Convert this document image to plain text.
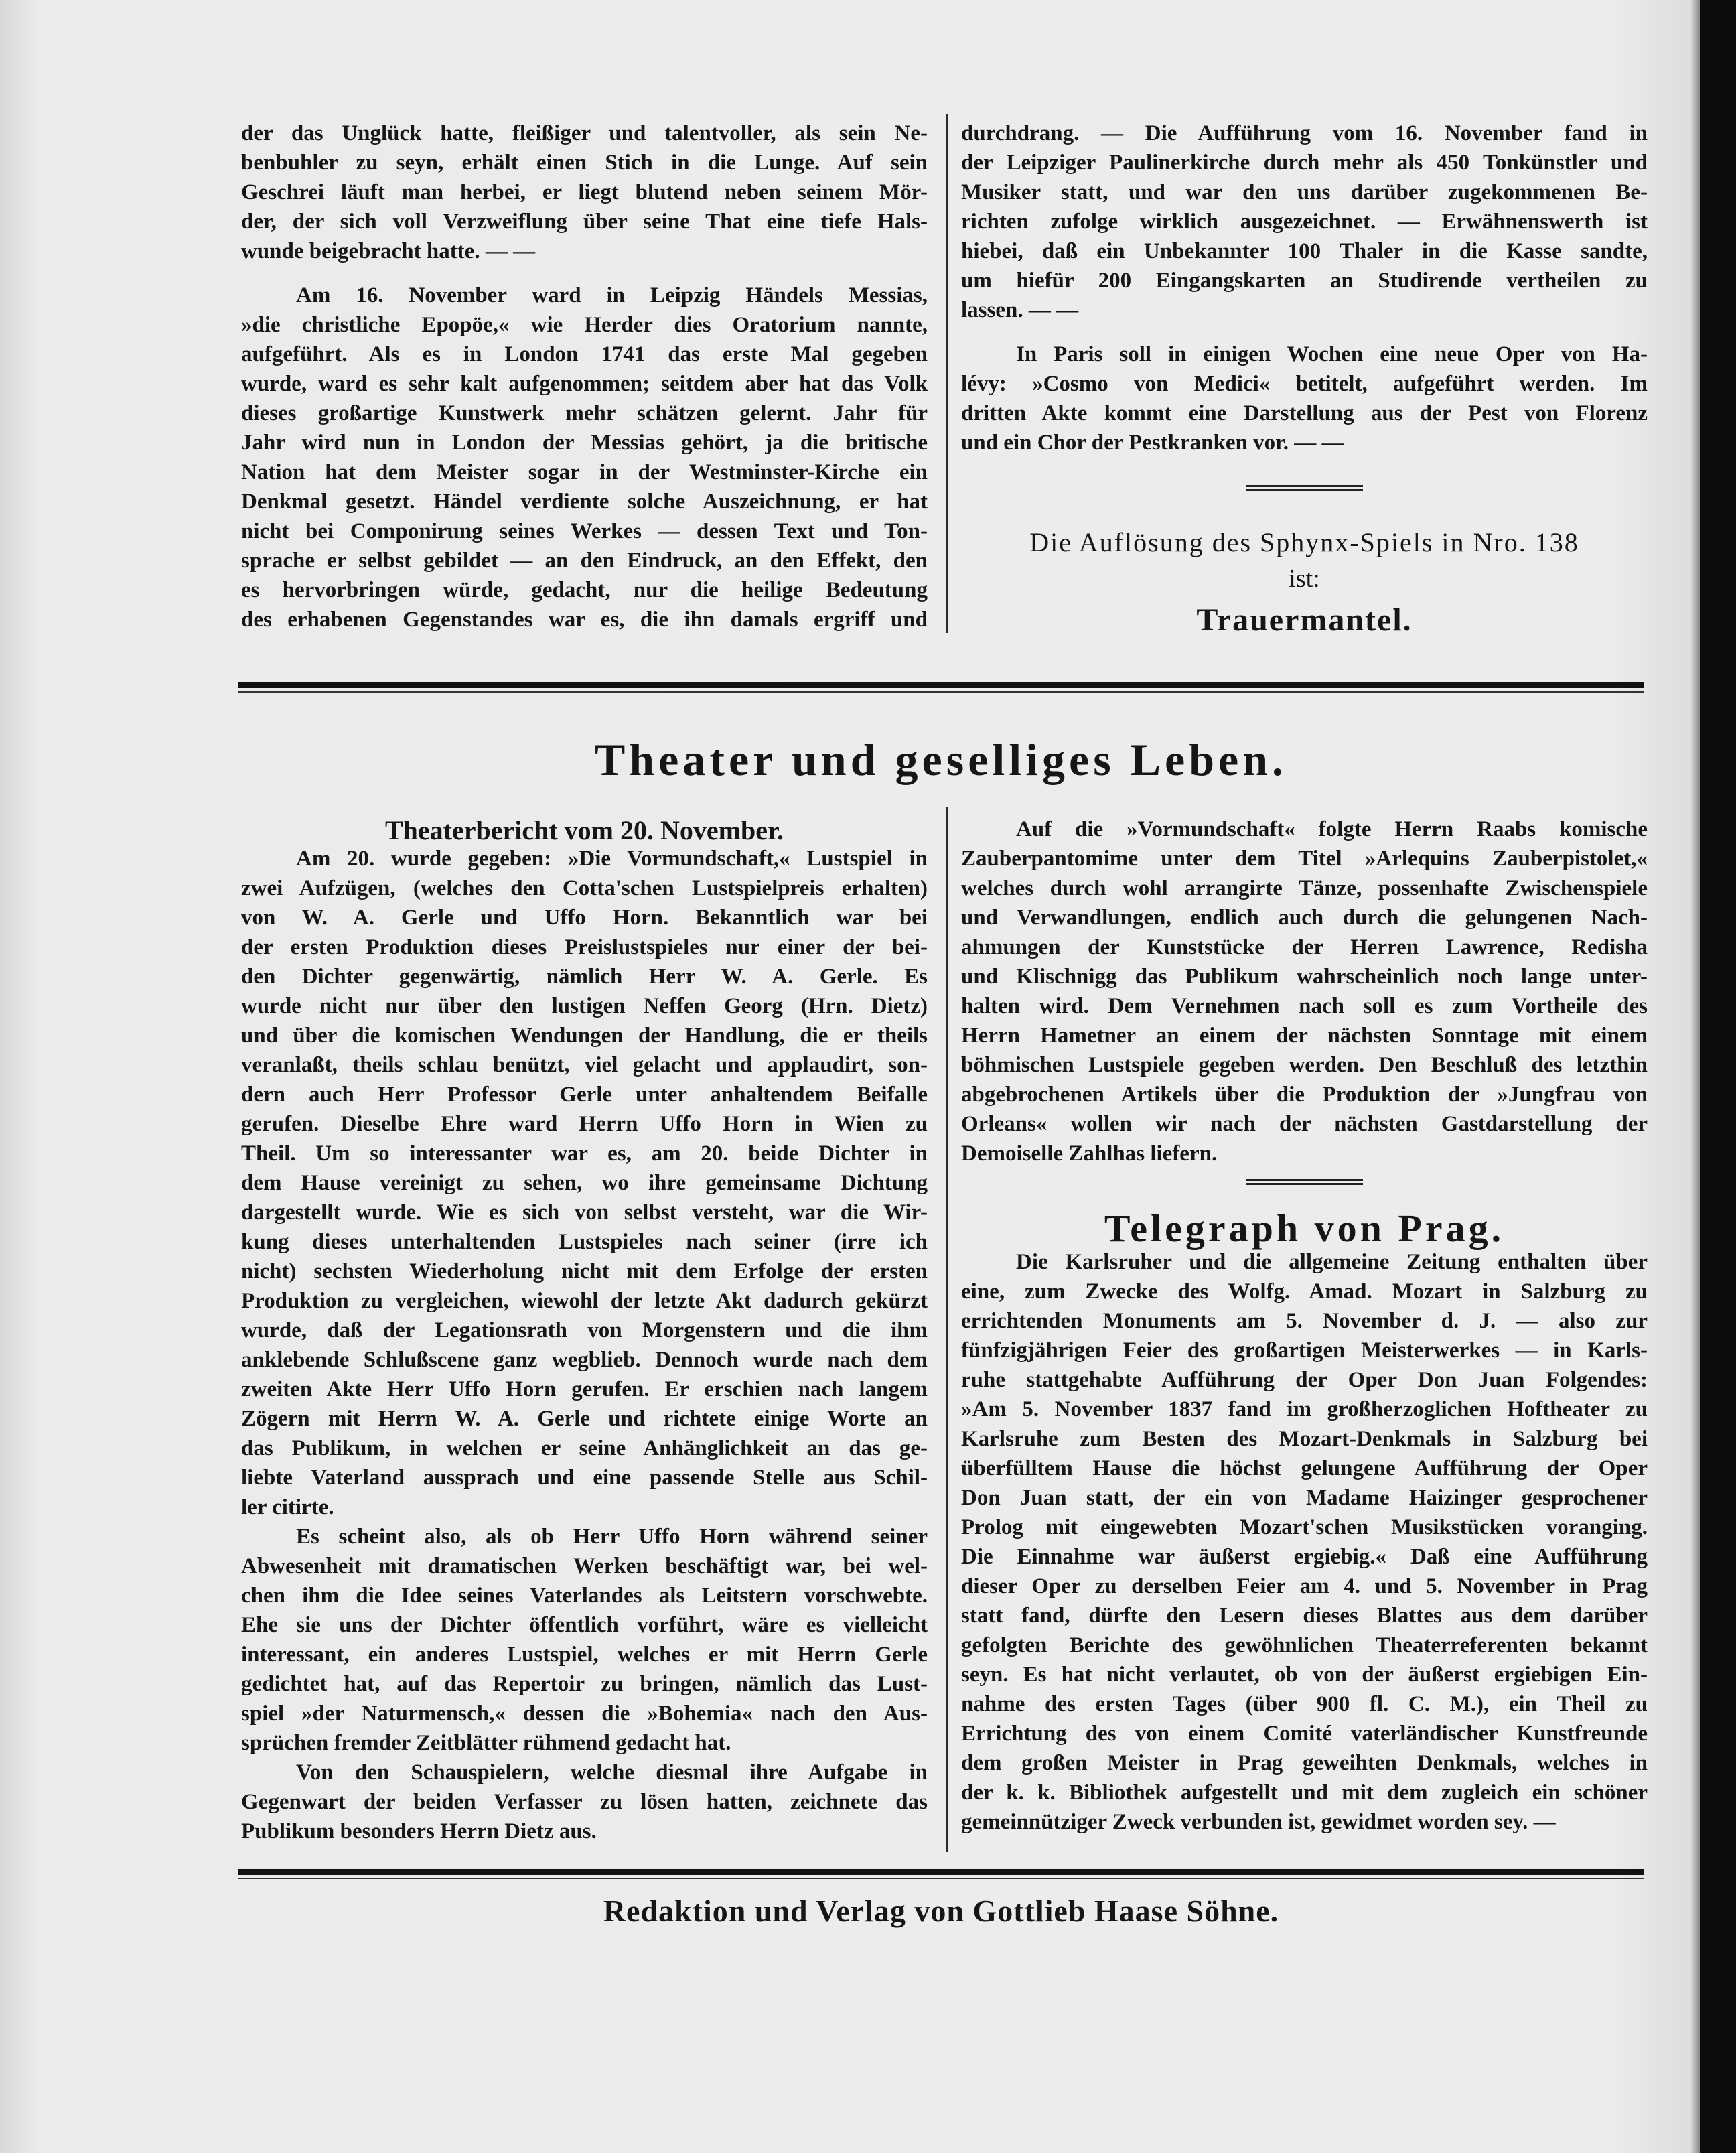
der das Unglück hatte, fleißiger und talentvoller, als sein Ne-
benbuhler zu seyn, erhält einen Stich in die Lunge. Auf sein
Geschrei läuft man herbei, er liegt blutend neben seinem Mör-
der, der sich voll Verzweiflung über seine That eine tiefe Hals-
wunde beigebracht hatte. — —
Am 16. November ward in Leipzig Händels Messias,
»die christliche Epopöe,« wie Herder dies Oratorium nannte,
aufgeführt. Als es in London 1741 das erste Mal gegeben
wurde, ward es sehr kalt aufgenommen; seitdem aber hat das Volk
dieses großartige Kunstwerk mehr schätzen gelernt. Jahr für
Jahr wird nun in London der Messias gehört, ja die britische
Nation hat dem Meister sogar in der Westminster-Kirche ein
Denkmal gesetzt. Händel verdiente solche Auszeichnung, er hat
nicht bei Componirung seines Werkes — dessen Text und Ton-
sprache er selbst gebildet — an den Eindruck, an den Effekt, den
es hervorbringen würde, gedacht, nur die heilige Bedeutung
des erhabenen Gegenstandes war es, die ihn damals ergriff und
durchdrang. — Die Aufführung vom 16. November fand in
der Leipziger Paulinerkirche durch mehr als 450 Tonkünstler und
Musiker statt, und war den uns darüber zugekommenen Be-
richten zufolge wirklich ausgezeichnet. — Erwähnenswerth ist
hiebei, daß ein Unbekannter 100 Thaler in die Kasse sandte,
um hiefür 200 Eingangskarten an Studirende vertheilen zu
lassen. — —
In Paris soll in einigen Wochen eine neue Oper von Ha-
lévy: »Cosmo von Medici« betitelt, aufgeführt werden. Im
dritten Akte kommt eine Darstellung aus der Pest von Florenz
und ein Chor der Pestkranken vor. — —
Die Auflösung des Sphynx-Spiels in Nro. 138
ist:
Trauermantel.
Theater und geselliges Leben.
Theaterbericht vom 20. November.
Am 20. wurde gegeben: »Die Vormundschaft,« Lustspiel in
zwei Aufzügen, (welches den Cotta'schen Lustspielpreis erhalten)
von W. A. Gerle und Uffo Horn. Bekanntlich war bei
der ersten Produktion dieses Preislustspieles nur einer der bei-
den Dichter gegenwärtig, nämlich Herr W. A. Gerle. Es
wurde nicht nur über den lustigen Neffen Georg (Hrn. Dietz)
und über die komischen Wendungen der Handlung, die er theils
veranlaßt, theils schlau benützt, viel gelacht und applaudirt, son-
dern auch Herr Professor Gerle unter anhaltendem Beifalle
gerufen. Dieselbe Ehre ward Herrn Uffo Horn in Wien zu
Theil. Um so interessanter war es, am 20. beide Dichter in
dem Hause vereinigt zu sehen, wo ihre gemeinsame Dichtung
dargestellt wurde. Wie es sich von selbst versteht, war die Wir-
kung dieses unterhaltenden Lustspieles nach seiner (irre ich
nicht) sechsten Wiederholung nicht mit dem Erfolge der ersten
Produktion zu vergleichen, wiewohl der letzte Akt dadurch gekürzt
wurde, daß der Legationsrath von Morgenstern und die ihm
anklebende Schlußscene ganz wegblieb. Dennoch wurde nach dem
zweiten Akte Herr Uffo Horn gerufen. Er erschien nach langem
Zögern mit Herrn W. A. Gerle und richtete einige Worte an
das Publikum, in welchen er seine Anhänglichkeit an das ge-
liebte Vaterland aussprach und eine passende Stelle aus Schil-
ler citirte.
Es scheint also, als ob Herr Uffo Horn während seiner
Abwesenheit mit dramatischen Werken beschäftigt war, bei wel-
chen ihm die Idee seines Vaterlandes als Leitstern vorschwebte.
Ehe sie uns der Dichter öffentlich vorführt, wäre es vielleicht
interessant, ein anderes Lustspiel, welches er mit Herrn Gerle
gedichtet hat, auf das Repertoir zu bringen, nämlich das Lust-
spiel »der Naturmensch,« dessen die »Bohemia« nach den Aus-
sprüchen fremder Zeitblätter rühmend gedacht hat.
Von den Schauspielern, welche diesmal ihre Aufgabe in
Gegenwart der beiden Verfasser zu lösen hatten, zeichnete das
Publikum besonders Herrn Dietz aus.
Auf die »Vormundschaft« folgte Herrn Raabs komische
Zauberpantomime unter dem Titel »Arlequins Zauberpistolet,«
welches durch wohl arrangirte Tänze, possenhafte Zwischenspiele
und Verwandlungen, endlich auch durch die gelungenen Nach-
ahmungen der Kunststücke der Herren Lawrence, Redisha
und Klischnigg das Publikum wahrscheinlich noch lange unter-
halten wird. Dem Vernehmen nach soll es zum Vortheile des
Herrn Hametner an einem der nächsten Sonntage mit einem
böhmischen Lustspiele gegeben werden. Den Beschluß des letzthin
abgebrochenen Artikels über die Produktion der »Jungfrau von
Orleans« wollen wir nach der nächsten Gastdarstellung der
Demoiselle Zahlhas liefern.
Telegraph von Prag.
Die Karlsruher und die allgemeine Zeitung enthalten über
eine, zum Zwecke des Wolfg. Amad. Mozart in Salzburg zu
errichtenden Monuments am 5. November d. J. — also zur
fünfzigjährigen Feier des großartigen Meisterwerkes — in Karls-
ruhe stattgehabte Aufführung der Oper Don Juan Folgendes:
»Am 5. November 1837 fand im großherzoglichen Hoftheater zu
Karlsruhe zum Besten des Mozart-Denkmals in Salzburg bei
überfülltem Hause die höchst gelungene Aufführung der Oper
Don Juan statt, der ein von Madame Haizinger gesprochener
Prolog mit eingewebten Mozart'schen Musikstücken voranging.
Die Einnahme war äußerst ergiebig.« Daß eine Aufführung
dieser Oper zu derselben Feier am 4. und 5. November in Prag
statt fand, dürfte den Lesern dieses Blattes aus dem darüber
gefolgten Berichte des gewöhnlichen Theaterreferenten bekannt
seyn. Es hat nicht verlautet, ob von der äußerst ergiebigen Ein-
nahme des ersten Tages (über 900 fl. C. M.), ein Theil zu
Errichtung des von einem Comité vaterländischer Kunstfreunde
dem großen Meister in Prag geweihten Denkmals, welches in
der k. k. Bibliothek aufgestellt und mit dem zugleich ein schöner
gemeinnütziger Zweck verbunden ist, gewidmet worden sey. —
Redaktion und Verlag von Gottlieb Haase Söhne.
